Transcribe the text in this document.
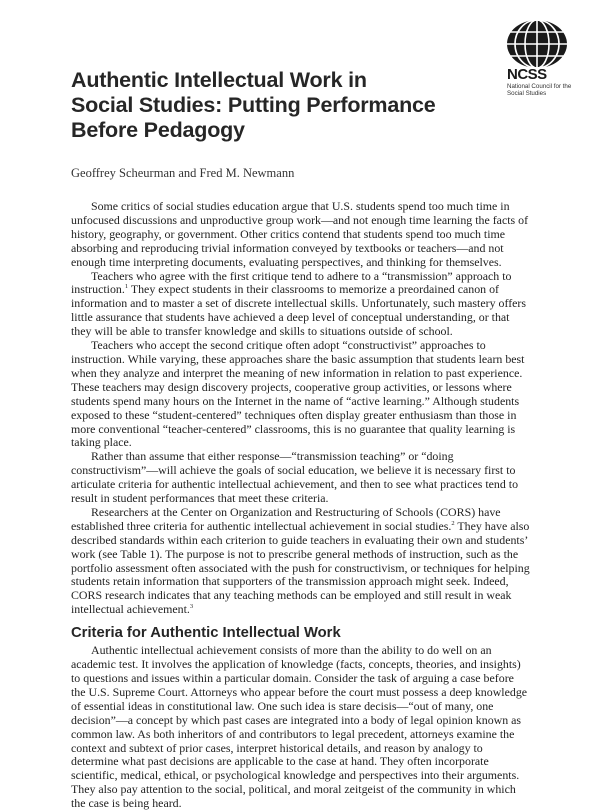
NCSS
National Council for the Social Studies
Authentic Intellectual Work in
Social Studies: Putting Performance
Before Pedagogy

Geoffrey Scheurman and Fred M. Newmann

Some critics of social studies education argue that U.S. students spend too much time in unfocused discussions and unproductive group work—and not enough time learning the facts of history, geography, or government. Other critics contend that students spend too much time absorbing and reproducing trivial information conveyed by textbooks or teachers—and not enough time interpreting documents, evaluating perspectives, and thinking for themselves.

Teachers who agree with the first critique tend to adhere to a “transmission” approach to instruction.$^1$ They expect students in their classrooms to memorize a preordained canon of information and to master a set of discrete intellectual skills. Unfortunately, such mastery offers little assurance that students have achieved a deep level of conceptual understanding, or that they will be able to transfer knowledge and skills to situations outside of school.

Teachers who accept the second critique often adopt “constructivist” approaches to instruction. While varying, these approaches share the basic assumption that students learn best when they analyze and interpret the meaning of new information in relation to past experience. These teachers may design discovery projects, cooperative group activities, or lessons where students spend many hours on the Internet in the name of “active learning.” Although students exposed to these “student-centered” techniques often display greater enthusiasm than those in more conventional “teacher-centered” classrooms, this is no guarantee that quality learning is taking place.

Rather than assume that either response—“transmission teaching” or “doing constructivism”—will achieve the goals of social education, we believe it is necessary first to articulate criteria for authentic intellectual achievement, and then to see what practices tend to result in student performances that meet these criteria.

Researchers at the Center on Organization and Restructuring of Schools (CORS) have established three criteria for authentic intellectual achievement in social studies.$^2$ They have also described standards within each criterion to guide teachers in evaluating their own and students’ work (see Table 1). The purpose is not to prescribe general methods of instruction, such as the portfolio assessment often associated with the push for constructivism, or techniques for helping students retain information that supporters of the transmission approach might seek. Indeed, CORS research indicates that any teaching methods can be employed and still result in weak intellectual achievement.$^3$

Criteria for Authentic Intellectual Work

Authentic intellectual achievement consists of more than the ability to do well on an academic test. It involves the application of knowledge (facts, concepts, theories, and insights) to questions and issues within a particular domain. Consider the task of arguing a case before the U.S. Supreme Court. Attorneys who appear before the court must possess a deep knowledge of essential ideas in constitutional law. One such idea is stare decisis—“out of many, one decision”—a concept by which past cases are integrated into a body of legal opinion known as common law. As both inheritors of and contributors to legal precedent, attorneys examine the context and subtext of prior cases, interpret historical details, and reason by analogy to determine what past decisions are applicable to the case at hand. They often incorporate scientific, medical, ethical, or psychological knowledge and perspectives into their arguments. They also pay attention to the social, political, and moral zeitgeist of the community in which the case is being heard.
